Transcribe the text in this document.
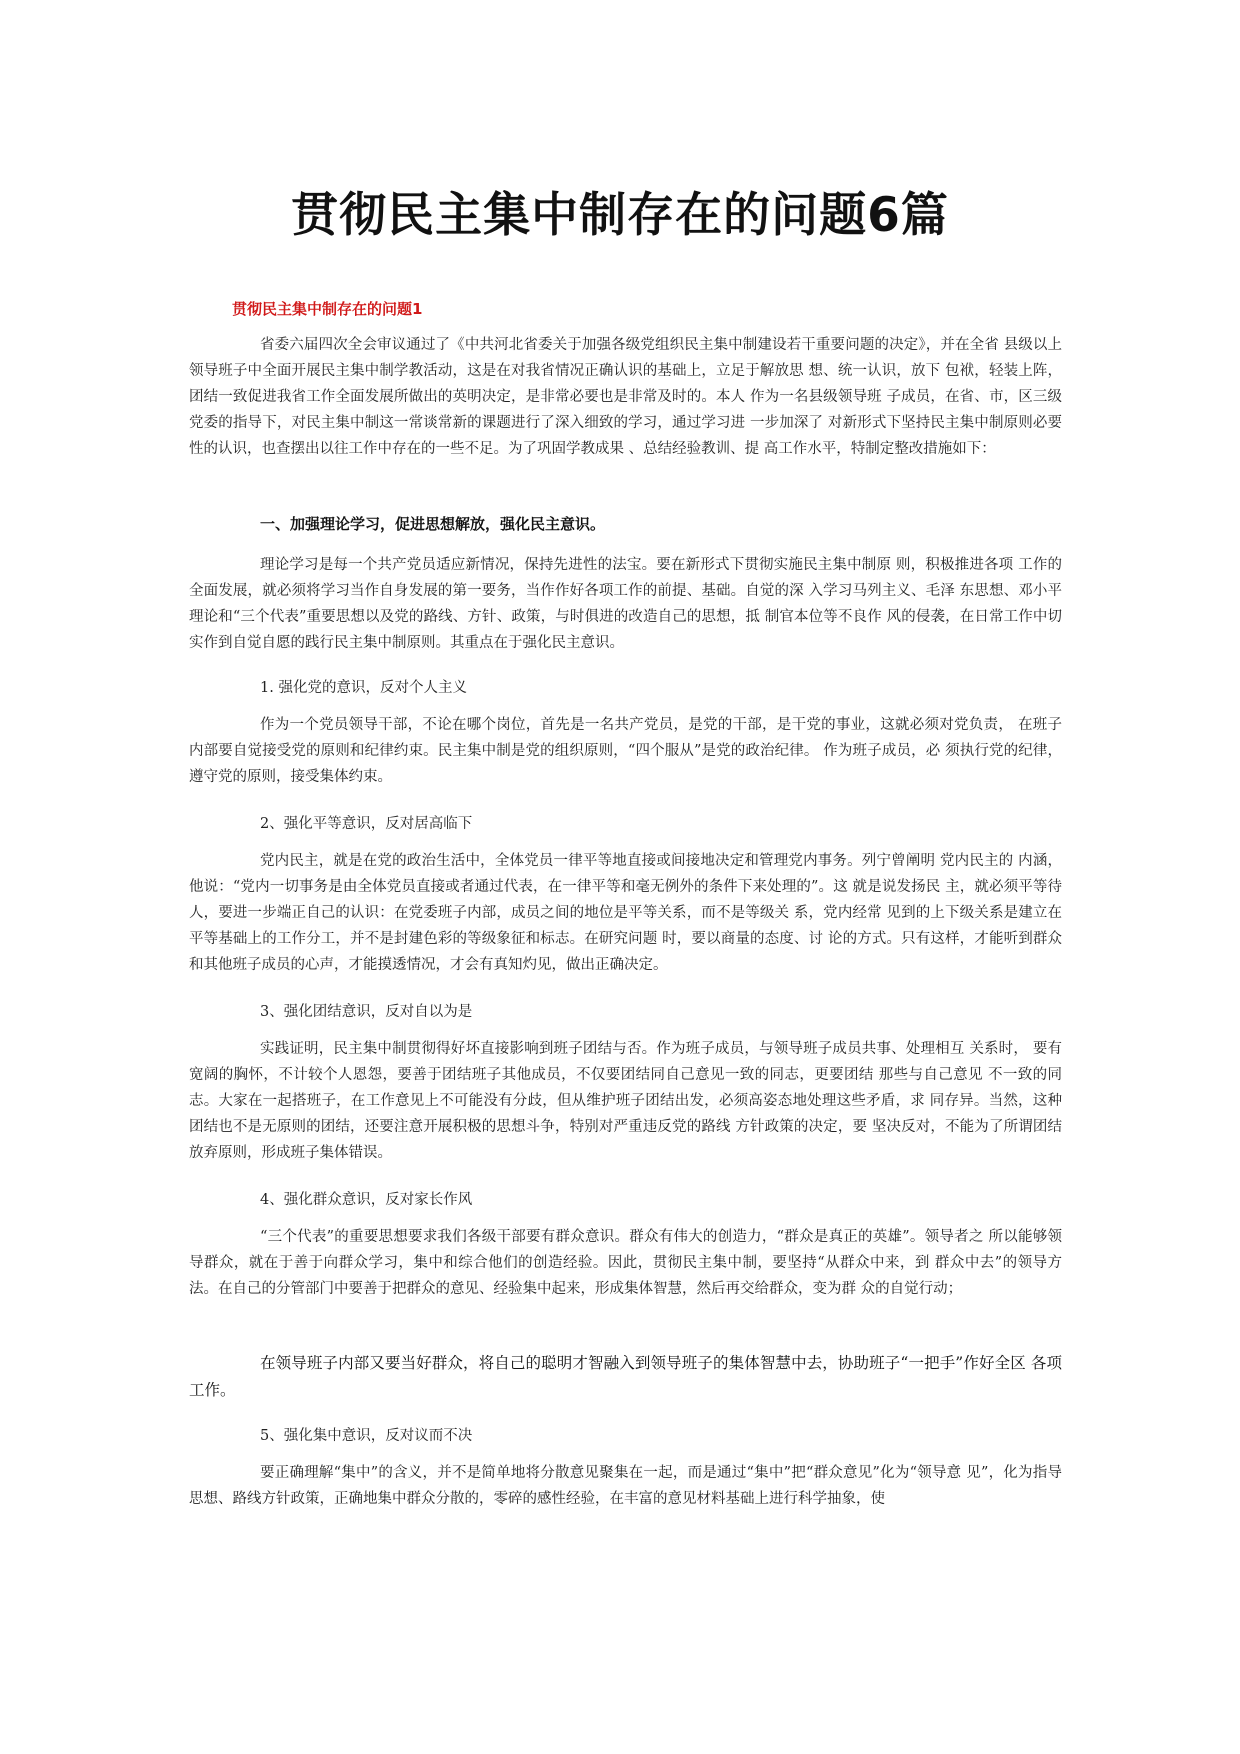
贯彻民主集中制存在的问题6篇
贯彻民主集中制存在的问题1

省委六届四次全会审议通过了《中共河北省委关于加强各级党组织民主集中制建设若干重要问题的决定》，并在全省 县级以上领导班子中全面开展民主集中制学教活动，这是在对我省情况正确认识的基础上，立足于解放思 想、统一认识，放下 包袱，轻装上阵，团结一致促进我省工作全面发展所做出的英明决定，是非常必要也是非常及时的。本人 作为一名县级领导班 子成员，在省、市，区三级党委的指导下，对民主集中制这一常谈常新的课题进行了深入细致的学习，通过学习进 一步加深了 对新形式下坚持民主集中制原则必要性的认识，也查摆出以往工作中存在的一些不足。为了巩固学教成果 、总结经验教训、提 高工作水平，特制定整改措施如下：

一、加强理论学习，促进思想解放，强化民主意识。

理论学习是每一个共产党员适应新情况，保持先进性的法宝。要在新形式下贯彻实施民主集中制原 则，积极推进各项 工作的全面发展，就必须将学习当作自身发展的第一要务，当作作好各项工作的前提、基础。自觉的深 入学习马列主义、毛泽 东思想、邓小平理论和“三个代表”重要思想以及党的路线、方针、政策，与时俱进的改造自己的思想，抵 制官本位等不良作 风的侵袭，在日常工作中切实作到自觉自愿的践行民主集中制原则。其重点在于强化民主意识。

1. 强化党的意识，反对个人主义

作为一个党员领导干部，不论在哪个岗位，首先是一名共产党员，是党的干部，是干党的事业，这就必须对党负责， 在班子内部要自觉接受党的原则和纪律约束。民主集中制是党的组织原则，“四个服从”是党的政治纪律。 作为班子成员，必 须执行党的纪律，遵守党的原则，接受集体约束。

2、强化平等意识，反对居高临下

党内民主，就是在党的政治生活中，全体党员一律平等地直接或间接地决定和管理党内事务。列宁曾阐明 党内民主的 内涵，他说：“党内一切事务是由全体党员直接或者通过代表，在一律平等和毫无例外的条件下来处理的”。这 就是说发扬民 主，就必须平等待人，要进一步端正自己的认识：在党委班子内部，成员之间的地位是平等关系，而不是等级关 系，党内经常 见到的上下级关系是建立在平等基础上的工作分工，并不是封建色彩的等级象征和标志。在研究问题 时，要以商量的态度、讨 论的方式。只有这样，才能听到群众和其他班子成员的心声，才能摸透情况，才会有真知灼见，做出正确决定。

3、强化团结意识，反对自以为是

实践证明，民主集中制贯彻得好坏直接影响到班子团结与否。作为班子成员，与领导班子成员共事、处理相互 关系时， 要有宽阔的胸怀，不计较个人恩怨，要善于团结班子其他成员，不仅要团结同自己意见一致的同志，更要团结 那些与自己意见 不一致的同志。大家在一起搭班子，在工作意见上不可能没有分歧，但从维护班子团结出发，必须高姿态地处理这些矛盾，求 同存异。当然，这种团结也不是无原则的团结，还要注意开展积极的思想斗争，特别对严重违反党的路线 方针政策的决定，要 坚决反对，不能为了所谓团结放弃原则，形成班子集体错误。

4、强化群众意识，反对家长作风

“三个代表”的重要思想要求我们各级干部要有群众意识。群众有伟大的创造力，“群众是真正的英雄”。领导者之 所以能够领导群众，就在于善于向群众学习，集中和综合他们的创造经验。因此，贯彻民主集中制，要坚持“从群众中来，到 群众中去”的领导方法。在自己的分管部门中要善于把群众的意见、经验集中起来，形成集体智慧，然后再交给群众，变为群 众的自觉行动；

在领导班子内部又要当好群众，将自己的聪明才智融入到领导班子的集体智慧中去，协助班子“一把手”作好全区 各项工作。

5、强化集中意识，反对议而不决

要正确理解“集中”的含义，并不是简单地将分散意见聚集在一起，而是通过“集中”把“群众意见”化为“领导意 见”，化为指导思想、路线方针政策，正确地集中群众分散的，零碎的感性经验，在丰富的意见材料基础上进行科学抽象，使
